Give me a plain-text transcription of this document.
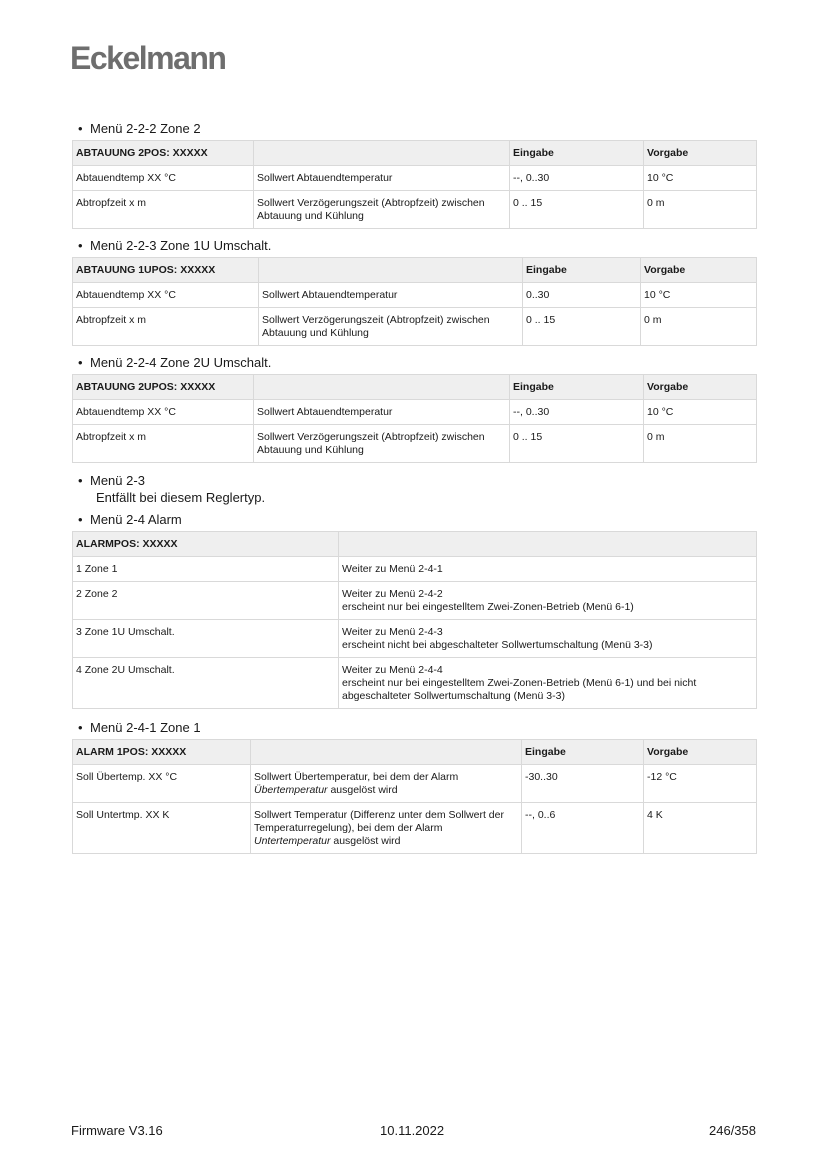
Eckelmann
• Menü 2-2-2 Zone 2
ABTAUUNG 2POS: XXXXX		Eingabe	Vorgabe
Abtauendtemp XX °C	Sollwert Abtauendtemperatur	--, 0..30	10 °C
Abtropfzeit x m	Sollwert Verzögerungszeit (Abtropfzeit) zwischen Abtauung und Kühlung	0 .. 15	0 m
• Menü 2-2-3 Zone 1U Umschalt.
ABTAUUNG 1UPOS: XXXXX		Eingabe	Vorgabe
Abtauendtemp XX °C	Sollwert Abtauendtemperatur	0..30	10 °C
Abtropfzeit x m	Sollwert Verzögerungszeit (Abtropfzeit) zwischen Abtauung und Kühlung	0 .. 15	0 m
• Menü 2-2-4 Zone 2U Umschalt.
ABTAUUNG 2UPOS: XXXXX		Eingabe	Vorgabe
Abtauendtemp XX °C	Sollwert Abtauendtemperatur	--, 0..30	10 °C
Abtropfzeit x m	Sollwert Verzögerungszeit (Abtropfzeit) zwischen Abtauung und Kühlung	0 .. 15	0 m
• Menü 2-3
Entfällt bei diesem Reglertyp.
• Menü 2-4 Alarm
ALARMPOS: XXXXX	
1 Zone 1	Weiter zu Menü 2-4-1
2 Zone 2	Weiter zu Menü 2-4-2
erscheint nur bei eingestelltem Zwei-Zonen-Betrieb (Menü 6-1)
3 Zone 1U Umschalt.	Weiter zu Menü 2-4-3
erscheint nicht bei abgeschalteter Sollwertumschaltung (Menü 3-3)
4 Zone 2U Umschalt.	Weiter zu Menü 2-4-4
erscheint nur bei eingestelltem Zwei-Zonen-Betrieb (Menü 6-1) und bei nicht abgeschalteter Sollwertumschaltung (Menü 3-3)
• Menü 2-4-1 Zone 1
ALARM 1POS: XXXXX		Eingabe	Vorgabe
Soll Übertemp. XX °C	Sollwert Übertemperatur, bei dem der Alarm
Übertemperatur ausgelöst wird	-30..30	-12 °C
Soll Untertmp. XX K	Sollwert Temperatur (Differenz unter dem Sollwert der Temperaturregelung), bei dem der Alarm
Untertemperatur ausgelöst wird	--, 0..6	4 K
Firmware V3.16	10.11.2022	246/358
